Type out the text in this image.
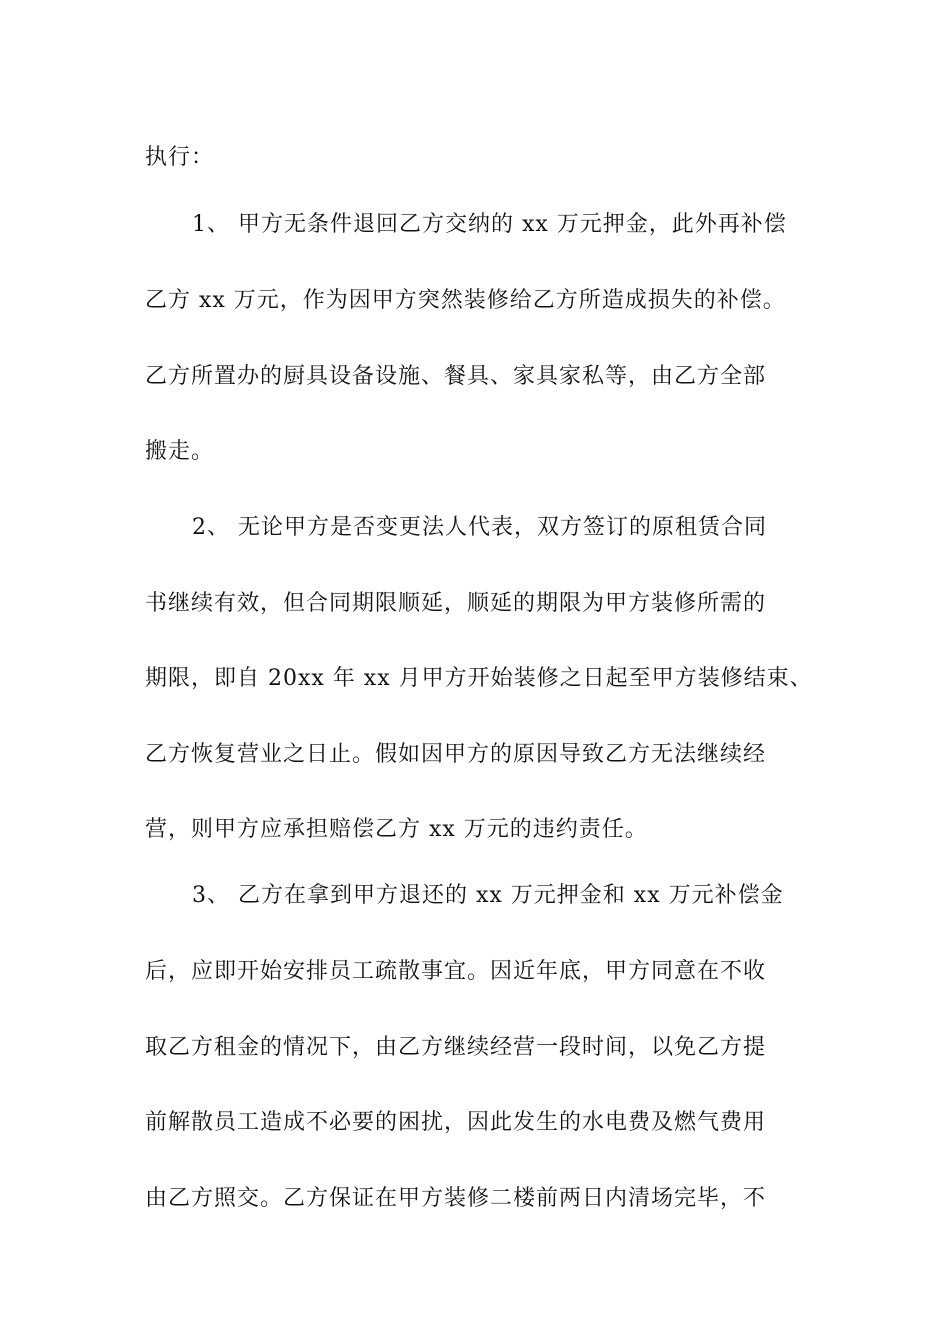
执行：
1、 甲方无条件退回乙方交纳的 xx 万元押金，此外再补偿
乙方 xx 万元，作为因甲方突然装修给乙方所造成损失的补偿。
乙方所置办的厨具设备设施、餐具、家具家私等，由乙方全部
搬走。
2、 无论甲方是否变更法人代表，双方签订的原租赁合同
书继续有效，但合同期限顺延，顺延的期限为甲方装修所需的
期限，即自 20xx 年 xx 月甲方开始装修之日起至甲方装修结束、
乙方恢复营业之日止。假如因甲方的原因导致乙方无法继续经
营，则甲方应承担赔偿乙方 xx 万元的违约责任。
3、 乙方在拿到甲方退还的 xx 万元押金和 xx 万元补偿金
后，应即开始安排员工疏散事宜。因近年底，甲方同意在不收
取乙方租金的情况下，由乙方继续经营一段时间，以免乙方提
前解散员工造成不必要的困扰，因此发生的水电费及燃气费用
由乙方照交。乙方保证在甲方装修二楼前两日内清场完毕，不
